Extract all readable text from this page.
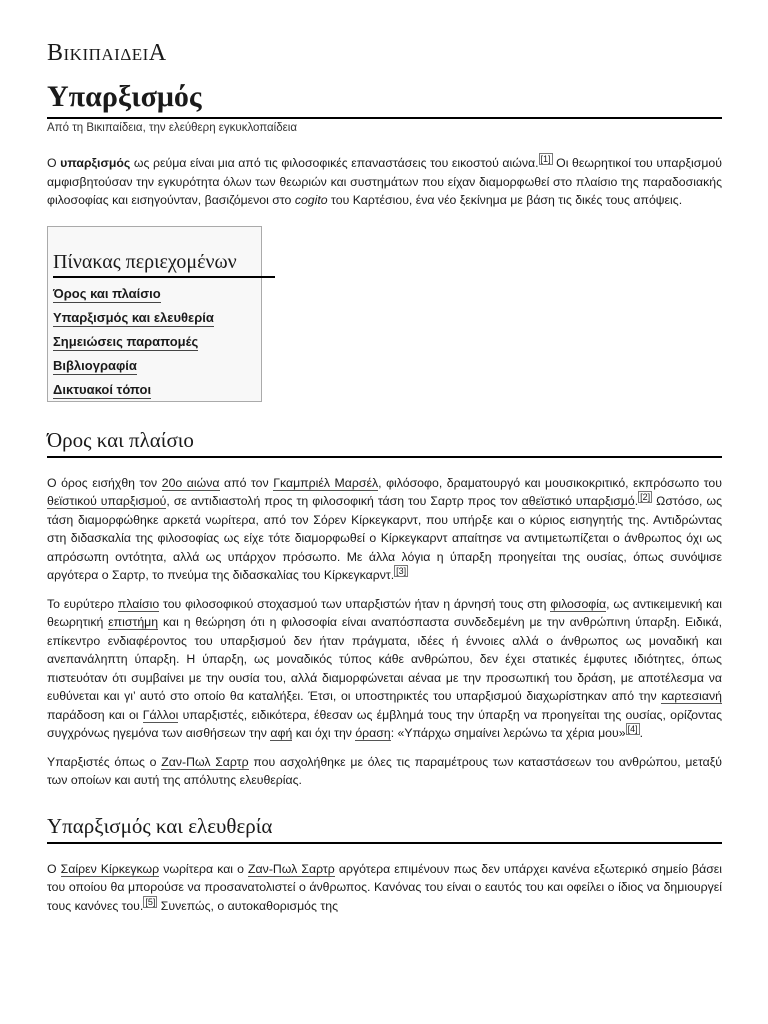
ΒικιπαιδειΑ
Υπαρξισμός
Από τη Βικιπαίδεια, την ελεύθερη εγκυκλοπαίδεια

Ο υπαρξισμός ως ρεύμα είναι μια από τις φιλοσοφικές επαναστάσεις του εικοστού αιώνα. [1] Οι θεωρητικοί του υπαρξισμού αμφισβητούσαν την εγκυρότητα όλων των θεωριών και συστημάτων που είχαν διαμορφωθεί στο πλαίσιο της παραδοσιακής φιλοσοφίας και εισηγούνταν, βασιζόμενοι στο cogito του Καρτέσιου, ένα νέο ξεκίνημα με βάση τις δικές τους απόψεις.

Πίνακας περιεχομένων
Όρος και πλαίσιο
Υπαρξισμός και ελευθερία
Σημειώσεις παραπομές
Βιβλιογραφία
Δικτυακοί τόποι
Όρος και πλαίσιο

Ο όρος εισήχθη τον 20ο αιώνα από τον Γκαμπριέλ Μαρσέλ, φιλόσοφο, δραματουργό και μουσικοκριτικό, εκπρόσωπο του θεϊστικού υπαρξισμού, σε αντιδιαστολή προς τη φιλοσοφική τάση του Σαρτρ προς τον αθεϊστικό υπαρξισμό. [2] Ωστόσο, ως τάση διαμορφώθηκε αρκετά νωρίτερα, από τον Σόρεν Κίρκεγκαρντ, που υπήρξε και ο κύριος εισηγητής της. Αντιδρώντας στη διδασκαλία της φιλοσοφίας ως είχε τότε διαμορφωθεί ο Κίρκεγκαρντ απαίτησε να αντιμετωπίζεται ο άνθρωπος όχι ως απρόσωπη οντότητα, αλλά ως υπάρχον πρόσωπο. Με άλλα λόγια η ύπαρξη προηγείται της ουσίας, όπως συνόψισε αργότερα ο Σαρτρ, το πνεύμα της διδασκαλίας του Κίρκεγκαρντ. [3]

Το ευρύτερο πλαίσιο του φιλοσοφικού στοχασμού των υπαρξιστών ήταν η άρνησή τους στη φιλοσοφία, ως αντικειμενική και θεωρητική επιστήμη και η θεώρηση ότι η φιλοσοφία είναι αναπόσπαστα συνδεδεμένη με την ανθρώπινη ύπαρξη. Ειδικά, επίκεντρο ενδιαφέροντος του υπαρξισμού δεν ήταν πράγματα, ιδέες ή έννοιες αλλά ο άνθρωπος ως μοναδική και ανεπανάληπτη ύπαρξη. Η ύπαρξη, ως μοναδικός τύπος κάθε ανθρώπου, δεν έχει στατικές έμφυτες ιδιότητες, όπως πιστευόταν ότι συμβαίνει με την ουσία του, αλλά διαμορφώνεται αέναα με την προσωπική του δράση, με αποτέλεσμα να ευθύνεται και γι’ αυτό στο οποίο θα καταλήξει. Έτσι, οι υποστηρικτές του υπαρξισμού διαχωρίστηκαν από την καρτεσιανή παράδοση και οι Γάλλοι υπαρξιστές, ειδικότερα, έθεσαν ως έμβλημά τους την ύπαρξη να προηγείται της ουσίας, ορίζοντας συγχρόνως ηγεμόνα των αισθήσεων την αφή και όχι την όραση: «Υπάρχω σημαίνει λερώνω τα χέρια μου» [4] .

Υπαρξιστές όπως ο Ζαν-Πωλ Σαρτρ που ασχολήθηκε με όλες τις παραμέτρους των καταστάσεων του ανθρώπου, μεταξύ των οποίων και αυτή της απόλυτης ελευθερίας.

Υπαρξισμός και ελευθερία

Ο Σαίρεν Κίρκεγκωρ νωρίτερα και ο Ζαν-Πωλ Σαρτρ αργότερα επιμένουν πως δεν υπάρχει κανένα εξωτερικό σημείο βάσει του οποίου θα μπορούσε να προσανατολιστεί ο άνθρωπος. Κανόνας του είναι ο εαυτός του και οφείλει ο ίδιος να δημιουργεί τους κανόνες του. [5] Συνεπώς, ο αυτοκαθορισμός της
